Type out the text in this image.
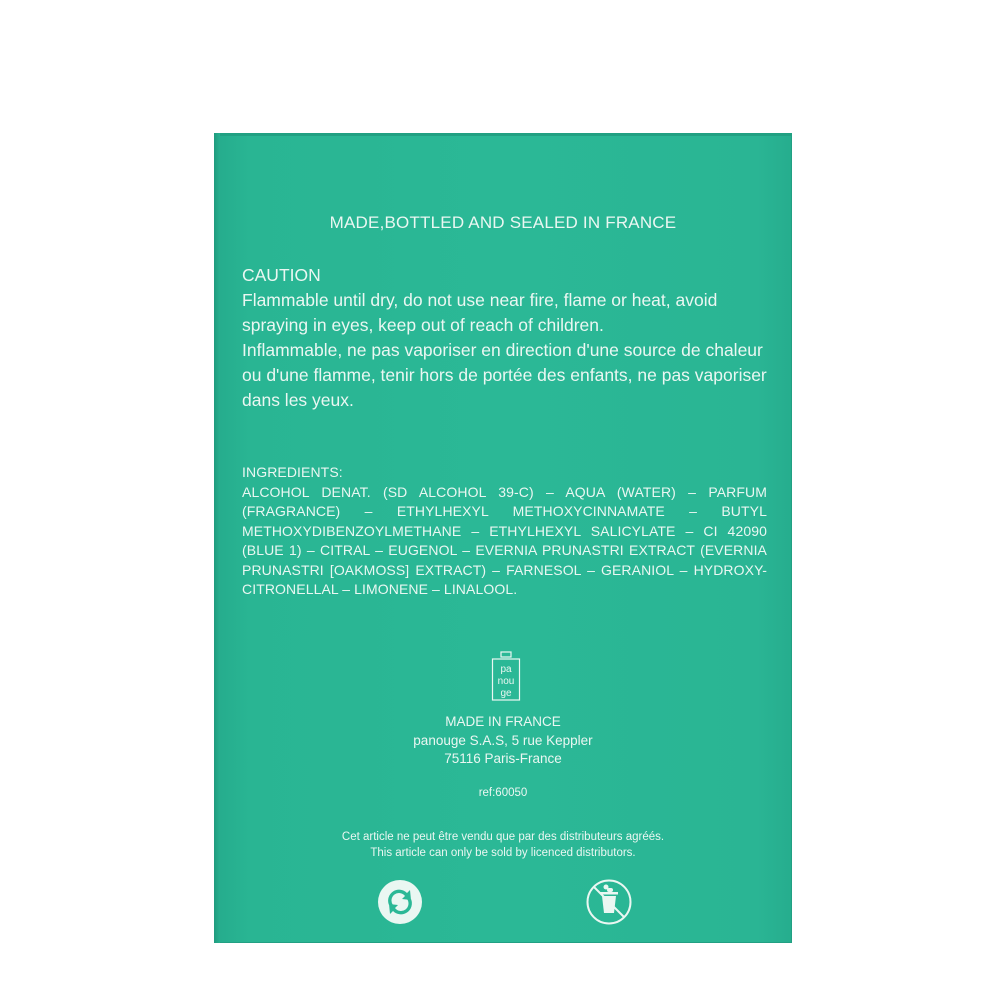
MADE,BOTTLED AND SEALED IN FRANCE

CAUTION

Flammable until dry, do not use near fire, flame or heat, avoid spraying in eyes, keep out of reach of children.

Inflammable, ne pas vaporiser en direction d'une source de chaleur ou d'une flamme, tenir hors de portée des enfants, ne pas vaporiser dans les yeux.

INGREDIENTS:
ALCOHOL DENAT. (SD ALCOHOL 39-C) – AQUA (WATER) – PARFUM (FRAGRANCE) – ETHYLHEXYL METHOXYCINNAMATE – BUTYL METHOXYDIBENZOYLMETHANE – ETHYLHEXYL SALICYLATE – CI 42090 (BLUE 1) – CITRAL – EUGENOL – EVERNIA PRUNASTRI EXTRACT (EVERNIA PRUNASTRI [OAKMOSS] EXTRACT) – FARNESOL – GERANIOL – HYDROXY-CITRONELLAL – LIMONENE – LINALOOL.
pa
nou
ge
MADE IN FRANCE
panouge S.A.S, 5 rue Keppler
75116 Paris-France
ref:60050
Cet article ne peut être vendu que par des distributeurs agréés.
This article can only be sold by licenced distributors.
